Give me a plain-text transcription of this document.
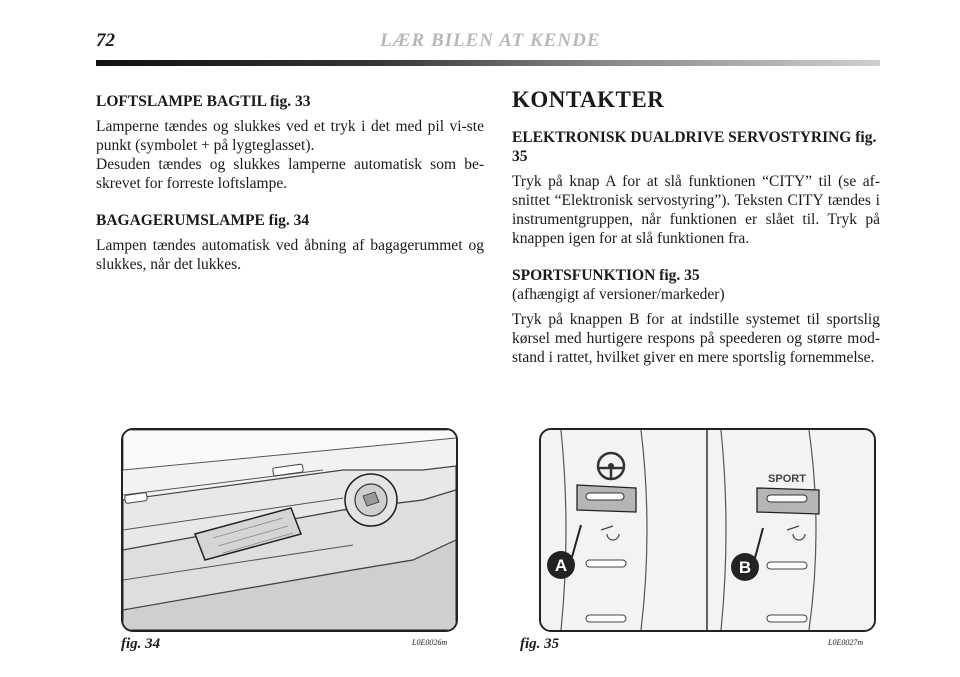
72	LÆR BILEN AT KENDE
LOFTSLAMPE BAGTIL fig. 33

Lamperne tændes og slukkes ved et tryk i det med pil vi-ste punkt (symbolet + på lygteglasset).

Desuden tændes og slukkes lamperne automatisk som be-skrevet for forreste loftslampe.

BAGAGERUMSLAMPE fig. 34

Lampen tændes automatisk ved åbning af bagagerummet og slukkes, når det lukkes.

KONTAKTER
ELEKTRONISK DUALDRIVE SERVOSTYRING fig. 35

Tryk på knap A for at slå funktionen “CITY” til (se af-snittet “Elektronisk servostyring”). Teksten CITY tændes i instrumentgruppen, når funktionen er slået til. Tryk på knappen igen for at slå funktionen fra.

SPORTSFUNKTION fig. 35

(afhængigt af versioner/markeder)

Tryk på knappen B for at indstille systemet til sportslig kørsel med hurtigere respons på speederen og større mod-stand i rattet, hvilket giver en mere sportslig fornemmelse.

fig. 34	L0E0026m
A
SPORT
B
fig. 35	L0E0027m
